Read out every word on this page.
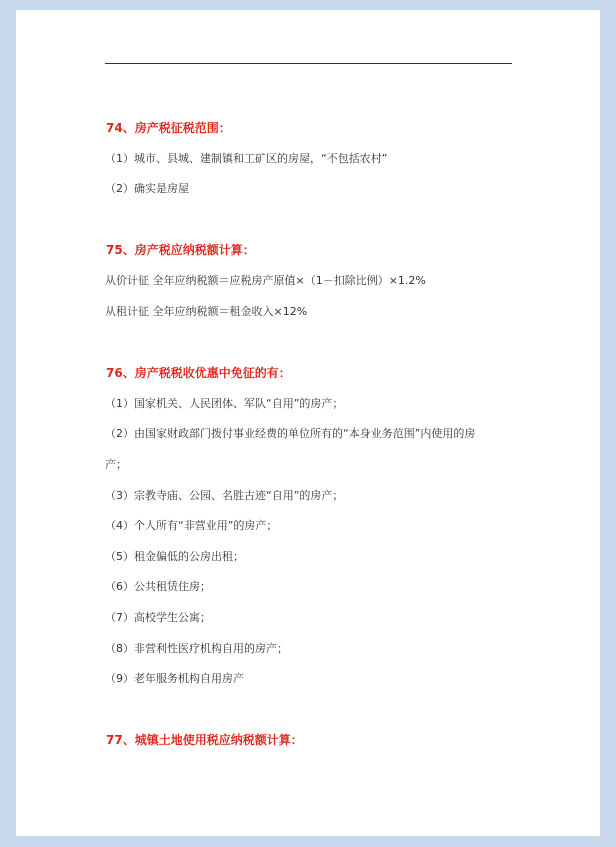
74、房产税征税范围：

（1）城市、县城、建制镇和工矿区的房屋，“不包括农村”

（2）确实是房屋

75、房产税应纳税额计算：

从价计征 全年应纳税额＝应税房产原值×（1－扣除比例）×1.2%

从租计征 全年应纳税额＝租金收入×12%

76、房产税税收优惠中免征的有：

（1）国家机关、人民团体、军队“自用”的房产；

（2）由国家财政部门拨付事业经费的单位所有的“本身业务范围”内使用的房

产；

（3）宗教寺庙、公园、名胜古迹“自用”的房产；

（4）个人所有“非营业用”的房产；

（5）租金偏低的公房出租；

（6）公共租赁住房；

（7）高校学生公寓；

（8）非营利性医疗机构自用的房产；

（9）老年服务机构自用房产

77、城镇土地使用税应纳税额计算：
